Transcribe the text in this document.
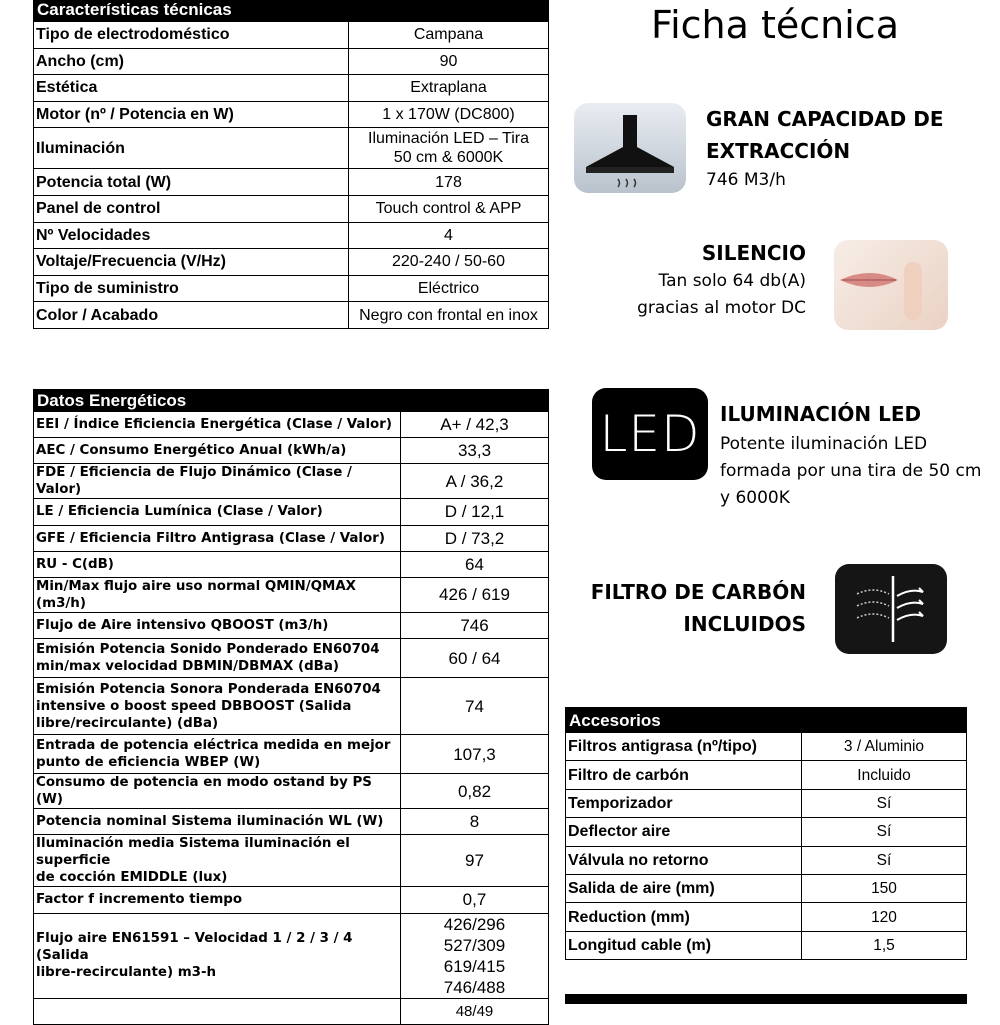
Características técnicas	
Tipo de electrodoméstico	Campana
Ancho (cm)	90
Estética	Extraplana
Motor (nº / Potencia en W)	1 x 170W (DC800)
Iluminación	Iluminación LED – Tira
50 cm & 6000K
Potencia total (W)	178
Panel de control	Touch control & APP
Nº Velocidades	4
Voltaje/Frecuencia (V/Hz)	220-240 / 50-60
Tipo de suministro	Eléctrico
Color / Acabado	Negro con frontal en inox
Datos Energéticos	
EEI / Índice Eficiencia Energética (Clase / Valor)	A+ / 42,3
AEC / Consumo Energético Anual (kWh/a)	33,3
FDE / Eficiencia de Flujo Dinámico (Clase / Valor)	A / 36,2
LE / Eficiencia Lumínica (Clase / Valor)	D / 12,1
GFE / Eficiencia Filtro Antigrasa (Clase / Valor)	D / 73,2
RU - C(dB)	64
Min/Max flujo aire uso normal QMIN/QMAX (m3/h)	426 / 619
Flujo de Aire intensivo QBOOST (m3/h)	746
Emisión Potencia Sonido Ponderado EN60704
min/max velocidad DBMIN/DBMAX (dBa)	60 / 64
Emisión Potencia Sonora Ponderada EN60704
intensive o boost speed DBBOOST (Salida
libre/recirculante) (dBa)	74
Entrada de potencia eléctrica medida en mejor
punto de eficiencia WBEP (W)	107,3
Consumo de potencia en modo ostand by PS (W)	0,82
Potencia nominal Sistema iluminación WL (W)	8
Iluminación media Sistema iluminación el superficie
de cocción EMIDDLE (lux)	97
Factor f incremento tiempo	0,7
Flujo aire EN61591 – Velocidad 1 / 2 / 3 / 4 (Salida
libre-recirculante) m3-h	426/296
527/309
619/415
746/488
	48/49
Ficha técnica
GRAN CAPACIDAD DE
EXTRACCIÓN
746 M3/h
SILENCIO
Tan solo 64 db(A)
gracias al motor DC
LED ILUMINACIÓN LED
Potente iluminación LED
formada por una tira de 50 cm
y 6000K
FILTRO DE CARBÓN
INCLUIDOS
Accesorios	
Filtros antigrasa (nº/tipo)	3 / Aluminio
Filtro de carbón	Incluido
Temporizador	Sí
Deflector aire	Sí
Válvula no retorno	Sí
Salida de aire (mm)	150
Reduction (mm)	120
Longitud cable (m)	1,5
